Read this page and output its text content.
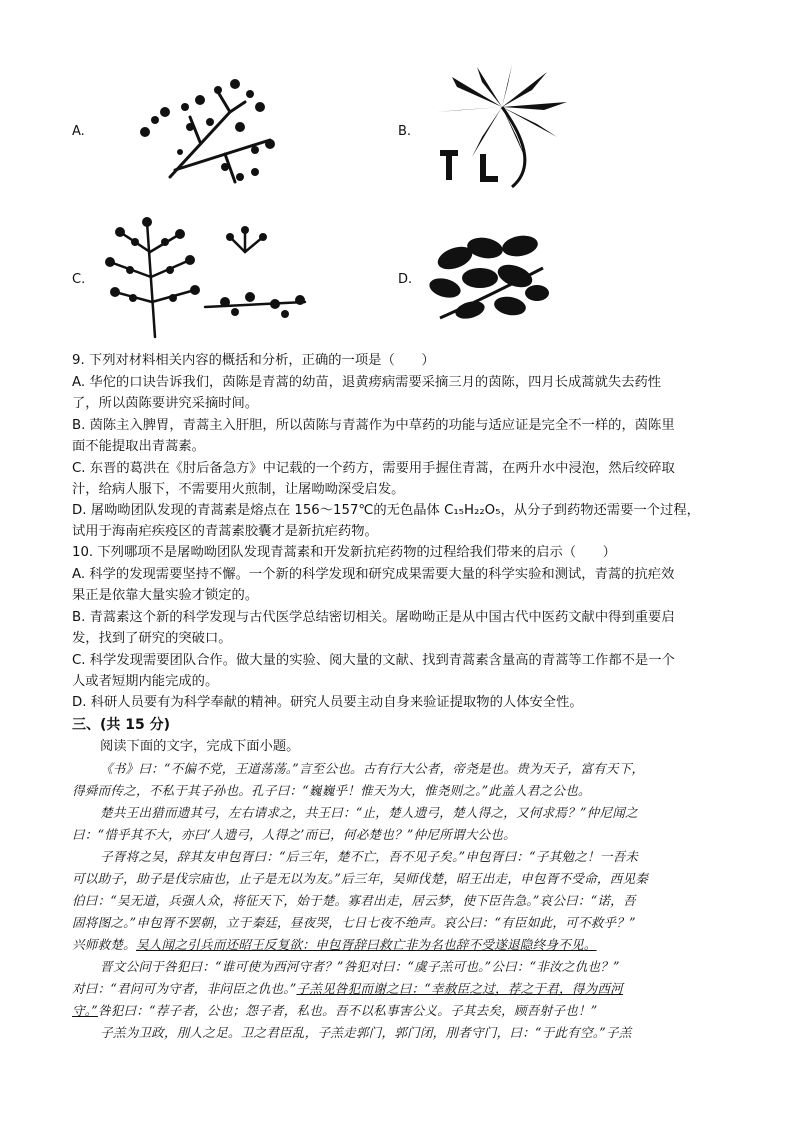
A.	B.
C.	D.
9. 下列对材料相关内容的概括和分析，正确的一项是（　　）
A. 华佗的口诀告诉我们，茵陈是青蒿的幼苗，退黄痨病需要采摘三月的茵陈，四月长成蒿就失去药性
了，所以茵陈要讲究采摘时间。
B. 茵陈主入脾胃，青蒿主入肝胆，所以茵陈与青蒿作为中草药的功能与适应证是完全不一样的，茵陈里
面不能提取出青蒿素。
C. 东晋的葛洪在《肘后备急方》中记载的一个药方，需要用手握住青蒿，在两升水中浸泡，然后绞碎取
汁，给病人服下，不需要用火煎制，让屠呦呦深受启发。
D. 屠呦呦团队发现的青蒿素是熔点在 156～157℃的无色晶体 C₁₅H₂₂O₅，从分子到药物还需要一个过程，
试用于海南疟疾疫区的青蒿素胶囊才是新抗疟药物。
10. 下列哪项不是屠呦呦团队发现青蒿素和开发新抗疟药物的过程给我们带来的启示（　　）
A. 科学的发现需要坚持不懈。一个新的科学发现和研究成果需要大量的科学实验和测试，青蒿的抗疟效
果正是依靠大量实验才锁定的。
B. 青蒿素这个新的科学发现与古代医学总结密切相关。屠呦呦正是从中国古代中医药文献中得到重要启
发，找到了研究的突破口。
C. 科学发现需要团队合作。做大量的实验、阅大量的文献、找到青蒿素含量高的青蒿等工作都不是一个
人或者短期内能完成的。
D. 科研人员要有为科学奉献的精神。研究人员要主动自身来验证提取物的人体安全性。
三、(共 15 分)
阅读下面的文字，完成下面小题。
《书》曰：“不偏不党，王道荡荡。”言至公也。古有行大公者，帝尧是也。贵为天子，富有天下，
得舜而传之，不私于其子孙也。孔子曰：“巍巍乎！惟天为大，惟尧则之。”此盖人君之公也。
楚共王出猎而遗其弓，左右请求之，共王曰：“止，楚人遗弓，楚人得之，又何求焉？”仲尼闻之
曰：“惜乎其不大，亦曰‘人遗弓，人得之’而已，何必楚也？”仲尼所谓大公也。
子胥将之吴，辞其友申包胥曰：“后三年，楚不亡，吾不见子矣。”申包胥曰：“子其勉之！一吾未
可以助子，助子是伐宗庙也，止子是无以为友。”后三年，吴师伐楚，昭王出走，申包胥不受命，西见秦
伯曰：“吴无道，兵强人众，将征天下，始于楚。寡君出走，居云梦，使下臣告急。”哀公曰：“诺，吾
固将图之。”申包胥不罢朝，立于秦廷，昼夜哭，七日七夜不绝声。哀公曰：“有臣如此，可不救乎？”
兴师救楚。吴人闻之引兵而还昭王反复欲：申包胥辞曰救亡非为名也辞不受遂退隐终身不见。
晋文公问于咎犯曰：“谁可使为西河守者？”咎犯对曰：“虞子羔可也。”公曰：“非汝之仇也？”
对曰：“君问可为守者，非问臣之仇也。”子羔见咎犯而谢之曰：“幸赦臣之过，荐之于君，得为西河
守。”咎犯曰：“荐子者，公也；怨子者，私也。吾不以私事害公义。子其去矣，顾吾射子也！”
子羔为卫政，刖人之足。卫之君臣乱，子羔走郭门，郭门闭，刖者守门，曰：“于此有空。”子羔
